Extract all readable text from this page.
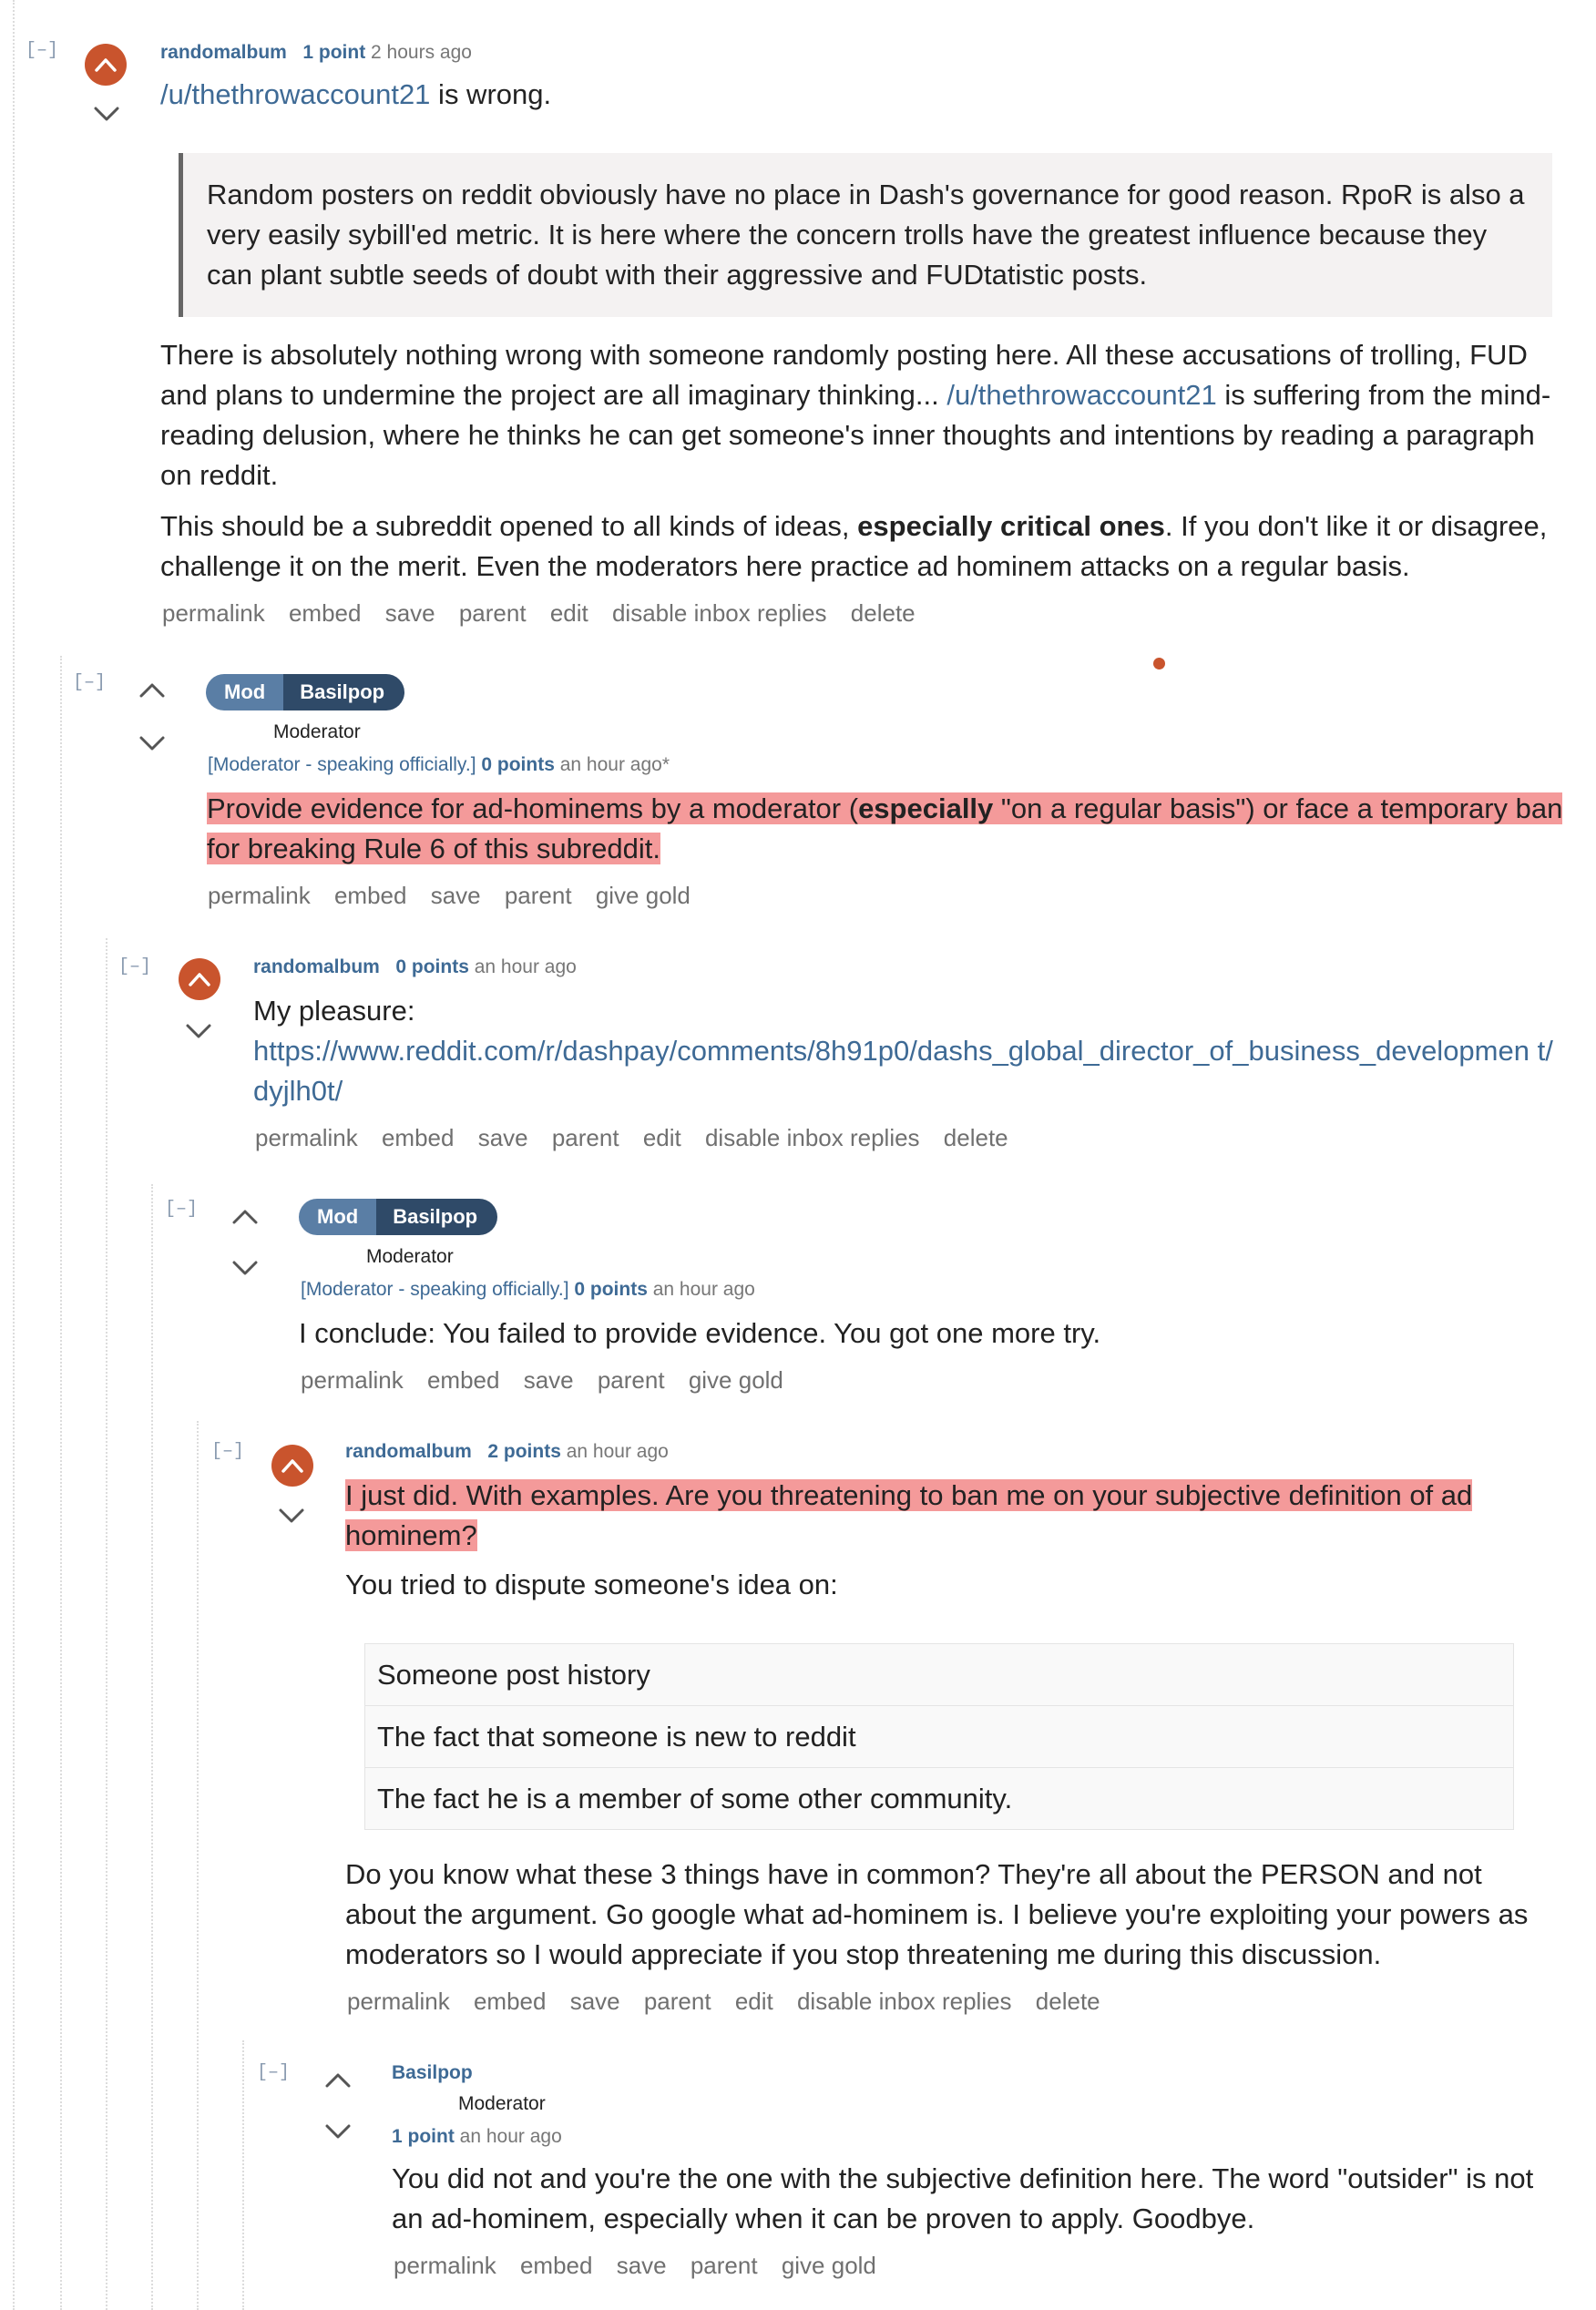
[–]	randomalbum 1 point 2 hours ago

/u/thethrowaccount21 is wrong.

Random posters on reddit obviously have no place in Dash's governance for good reason. RpoR is also a very easily sybill'ed metric. It is here where the concern trolls have the greatest influence because they can plant subtle seeds of doubt with their aggressive and FUDtatistic posts.

There is absolutely nothing wrong with someone randomly posting here. All these accusations of trolling, FUD and plans to undermine the project are all imaginary thinking... /u/thethrowaccount21 is suffering from the mind-reading delusion, where he thinks he can get someone's inner thoughts and intentions by reading a paragraph on reddit.

This should be a subreddit opened to all kinds of ideas, especially critical ones. If you don't like it or disagree, challenge it on the merit. Even the moderators here practice ad hominem attacks on a regular basis.

permalink embed save parent edit disable inbox replies delete
[–]	Mod	Basilpop
Moderator
[Moderator - speaking officially.] 0 points an hour ago*

Provide evidence for ad-hominems by a moderator (especially "on a regular basis") or face a temporary ban for breaking Rule 6 of this subreddit.

permalink embed save parent give gold
[–]	randomalbum 0 points an hour ago

My pleasure:

https://www.reddit.com/r/dashpay/comments/8h91p0/dashs_global_director_of_business_developmen t/dyjlh0t/

permalink embed save parent edit disable inbox replies delete
[–]	Mod	Basilpop
Moderator
[Moderator - speaking officially.] 0 points an hour ago

I conclude: You failed to provide evidence. You got one more try.

permalink embed save parent give gold
[–]	randomalbum 2 points an hour ago

I just did. With examples. Are you threatening to ban me on your subjective definition of ad hominem?

You tried to dispute someone's idea on:

Someone post history
The fact that someone is new to reddit
The fact he is a member of some other community.

Do you know what these 3 things have in common? They're all about the PERSON and not about the argument. Go google what ad-hominem is. I believe you're exploiting your powers as moderators so I would appreciate if you stop threatening me during this discussion.

permalink embed save parent edit disable inbox replies delete
[–]	Basilpop
Moderator
1 point an hour ago

You did not and you're the one with the subjective definition here. The word "outsider" is not an ad-hominem, especially when it can be proven to apply. Goodbye.

permalink embed save parent give gold
